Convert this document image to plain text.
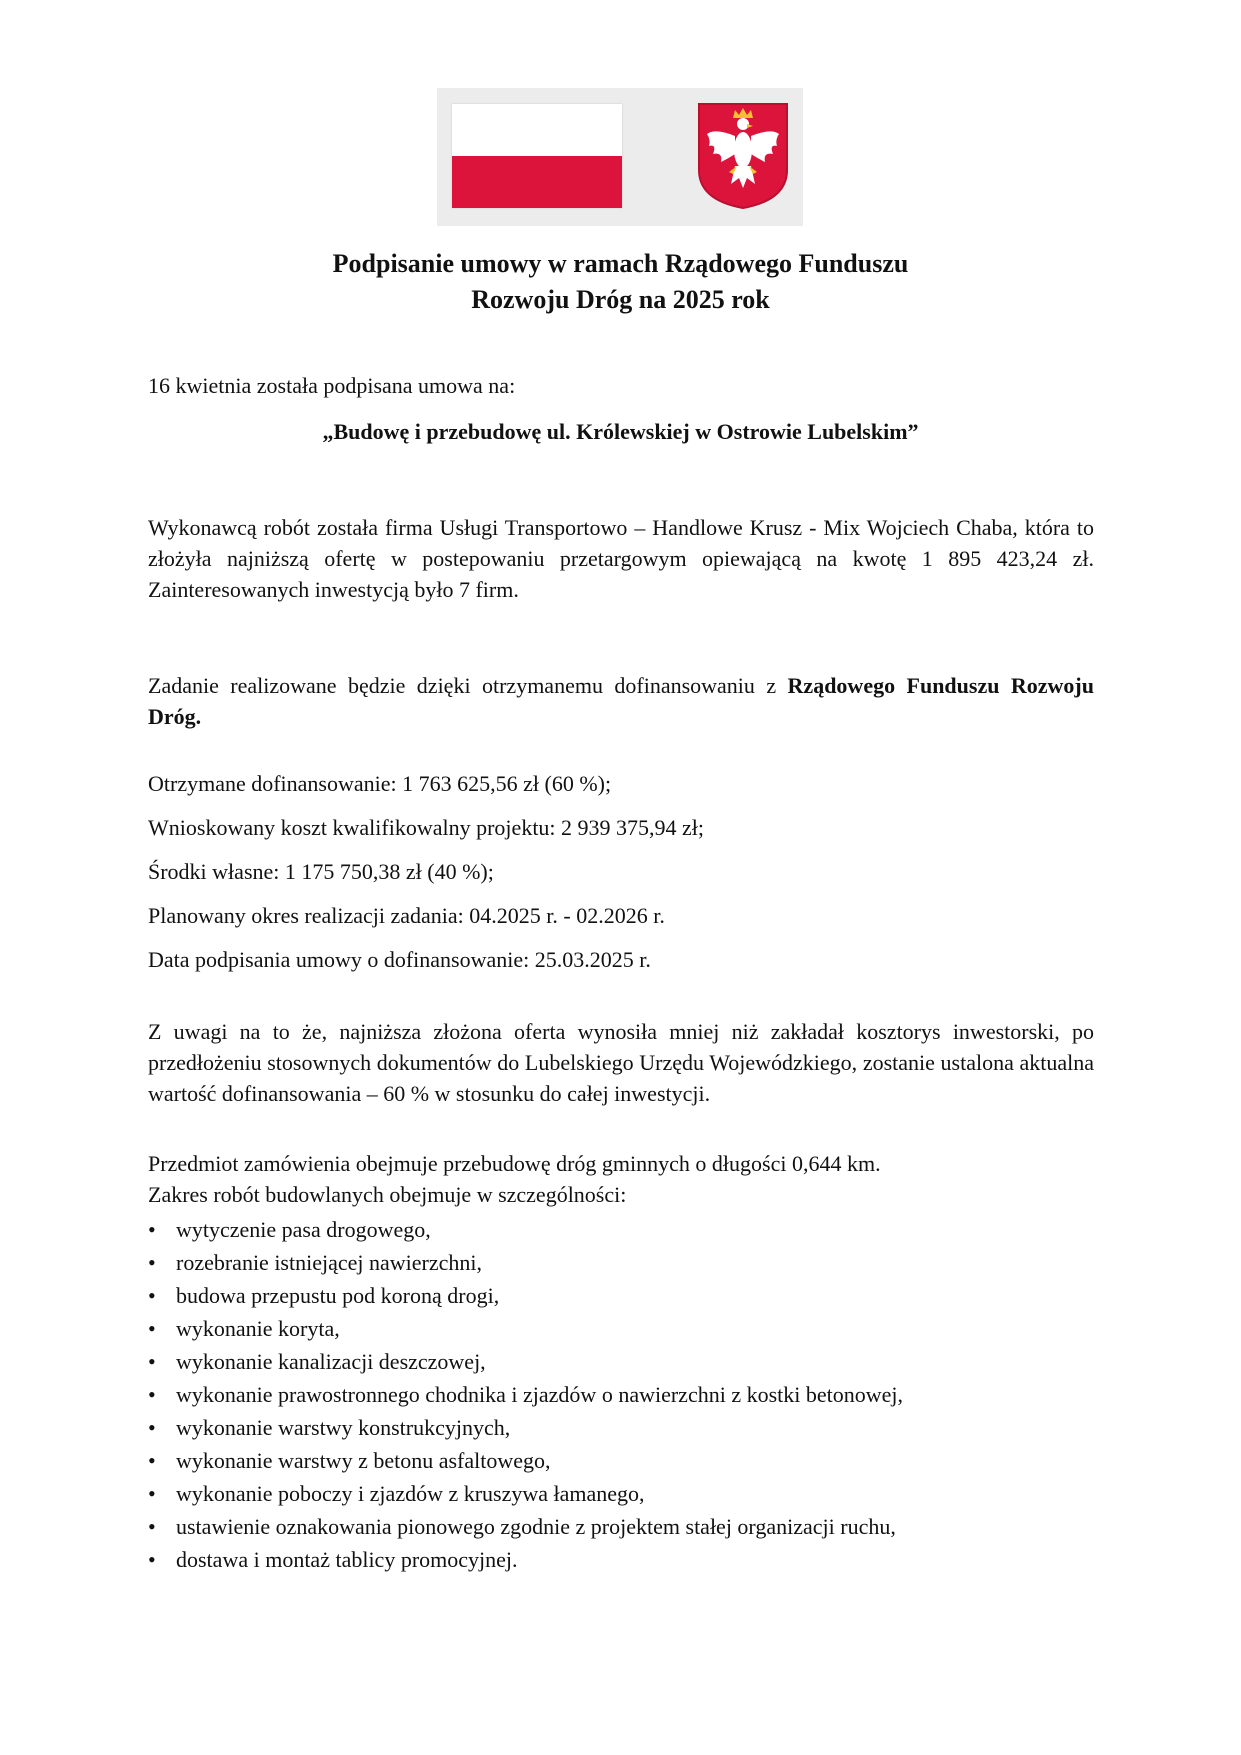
Podpisanie umowy w ramach Rządowego Funduszu
Rozwoju Dróg na 2025 rok
16 kwietnia została podpisana umowa na:
„Budowę i przebudowę ul. Królewskiej w Ostrowie Lubelskim”
Wykonawcą robót została firma Usługi Transportowo – Handlowe Krusz - Mix Wojciech Chaba, która to złożyła najniższą ofertę w postepowaniu przetargowym opiewającą na kwotę 1 895 423,24 zł. Zainteresowanych inwestycją było 7 firm.
Zadanie realizowane będzie dzięki otrzymanemu dofinansowaniu z Rządowego Funduszu Rozwoju Dróg.
Otrzymane dofinansowanie: 1 763 625,56 zł (60 %);
Wnioskowany koszt kwalifikowalny projektu: 2 939 375,94 zł;
Środki własne: 1 175 750,38 zł (40 %);
Planowany okres realizacji zadania: 04.2025 r. - 02.2026 r.
Data podpisania umowy o dofinansowanie: 25.03.2025 r.
Z uwagi na to że, najniższa złożona oferta wynosiła mniej niż zakładał kosztorys inwestorski, po przedłożeniu stosownych dokumentów do Lubelskiego Urzędu Wojewódzkiego, zostanie ustalona aktualna wartość dofinansowania – 60 % w stosunku do całej inwestycji.
Przedmiot zamówienia obejmuje przebudowę dróg gminnych o długości 0,644 km.
Zakres robót budowlanych obejmuje w szczególności:
• wytyczenie pasa drogowego,
• rozebranie istniejącej nawierzchni,
• budowa przepustu pod koroną drogi,
• wykonanie koryta,
• wykonanie kanalizacji deszczowej,
• wykonanie prawostronnego chodnika i zjazdów o nawierzchni z kostki betonowej,
• wykonanie warstwy konstrukcyjnych,
• wykonanie warstwy z betonu asfaltowego,
• wykonanie poboczy i zjazdów z kruszywa łamanego,
• ustawienie oznakowania pionowego zgodnie z projektem stałej organizacji ruchu,
• dostawa i montaż tablicy promocyjnej.
